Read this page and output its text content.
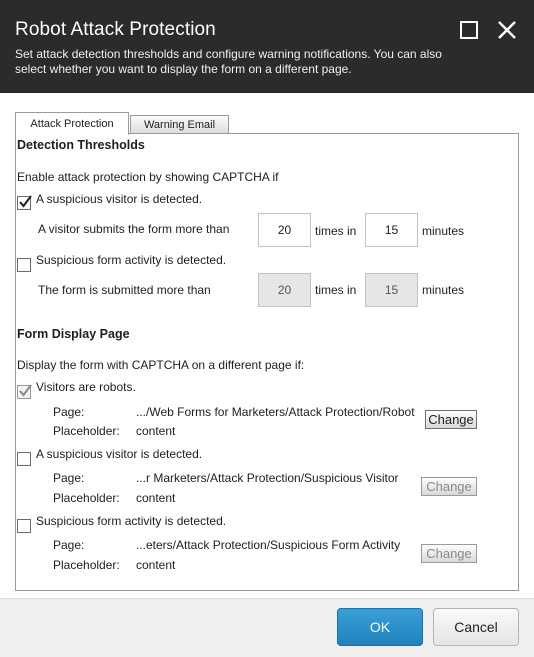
Robot Attack Protection
Set attack detection thresholds and configure warning notifications. You can also select whether you want to display the form on a different page.
Attack Protection	Warning Email
Detection Thresholds
Enable attack protection by showing CAPTCHA if
A suspicious visitor is detected.
A visitor submits the form more than	20	times in	15	minutes
Suspicious form activity is detected.
The form is submitted more than	20	times in	15	minutes
Form Display Page
Display the form with CAPTCHA on a different page if:
Visitors are robots.
Page:	.../Web Forms for Marketers/Attack Protection/Robot	Change
Placeholder: content
A suspicious visitor is detected.
Page:	...r Marketers/Attack Protection/Suspicious Visitor
Change
Placeholder: content
Suspicious form activity is detected.
Page:	...eters/Attack Protection/Suspicious Form Activity
Change
Placeholder: content
OK	Cancel
